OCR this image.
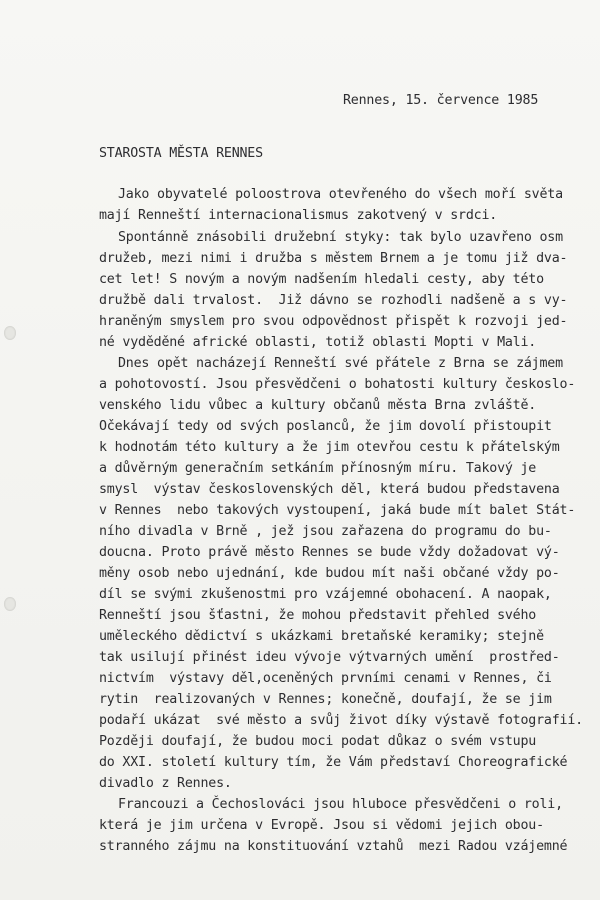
Rennes, 15. července 1985
STAROSTA MĚSTA RENNES
Jako obyvatelé poloostrova otevřeného do všech moří světa
mají Renneští internacionalismus zakotvený v srdci.
Spontánně znásobili družební styky: tak bylo uzavřeno osm
družeb, mezi nimi i družba s městem Brnem a je tomu již dva-
cet let! S novým a novým nadšením hledali cesty, aby této
družbě dali trvalost.  Již dávno se rozhodli nadšeně a s vy-
hraněným smyslem pro svou odpovědnost přispět k rozvoji jed-
né vyděděné africké oblasti, totiž oblasti Mopti v Mali.
Dnes opět nacházejí Renneští své přátele z Brna se zájmem
a pohotovostí. Jsou přesvědčeni o bohatosti kultury českoslo-
venského lidu vůbec a kultury občanů města Brna zvláště.
Očekávají tedy od svých poslanců, že jim dovolí přistoupit
k hodnotám této kultury a že jim otevřou cestu k přátelským
a důvěrným generačním setkáním přínosným míru. Takový je
smysl  výstav československých děl, která budou představena
v Rennes  nebo takových vystoupení, jaká bude mít balet Stát-
ního divadla v Brně , jež jsou zařazena do programu do bu-
doucna. Proto právě město Rennes se bude vždy dožadovat vý-
měny osob nebo ujednání, kde budou mít naši občané vždy po-
díl se svými zkušenostmi pro vzájemné obohacení. A naopak,
Renneští jsou šťastni, že mohou představit přehled svého
uměleckého dědictví s ukázkami bretaňské keramiky; stejně
tak usilují přinést ideu vývoje výtvarných umění  prostřed-
nictvím  výstavy děl,oceněných prvními cenami v Rennes, či
rytin  realizovaných v Rennes; konečně, doufají, že se jim
podaří ukázat  své město a svůj život díky výstavě fotografií.
Později doufají, že budou moci podat důkaz o svém vstupu
do XXI. století kultury tím, že Vám představí Choreografické
divadlo z Rennes.
Francouzi a Čechoslováci jsou hluboce přesvědčeni o roli,
která je jim určena v Evropě. Jsou si vědomi jejich obou-
stranného zájmu na konstituování vztahů  mezi Radou vzájemné
